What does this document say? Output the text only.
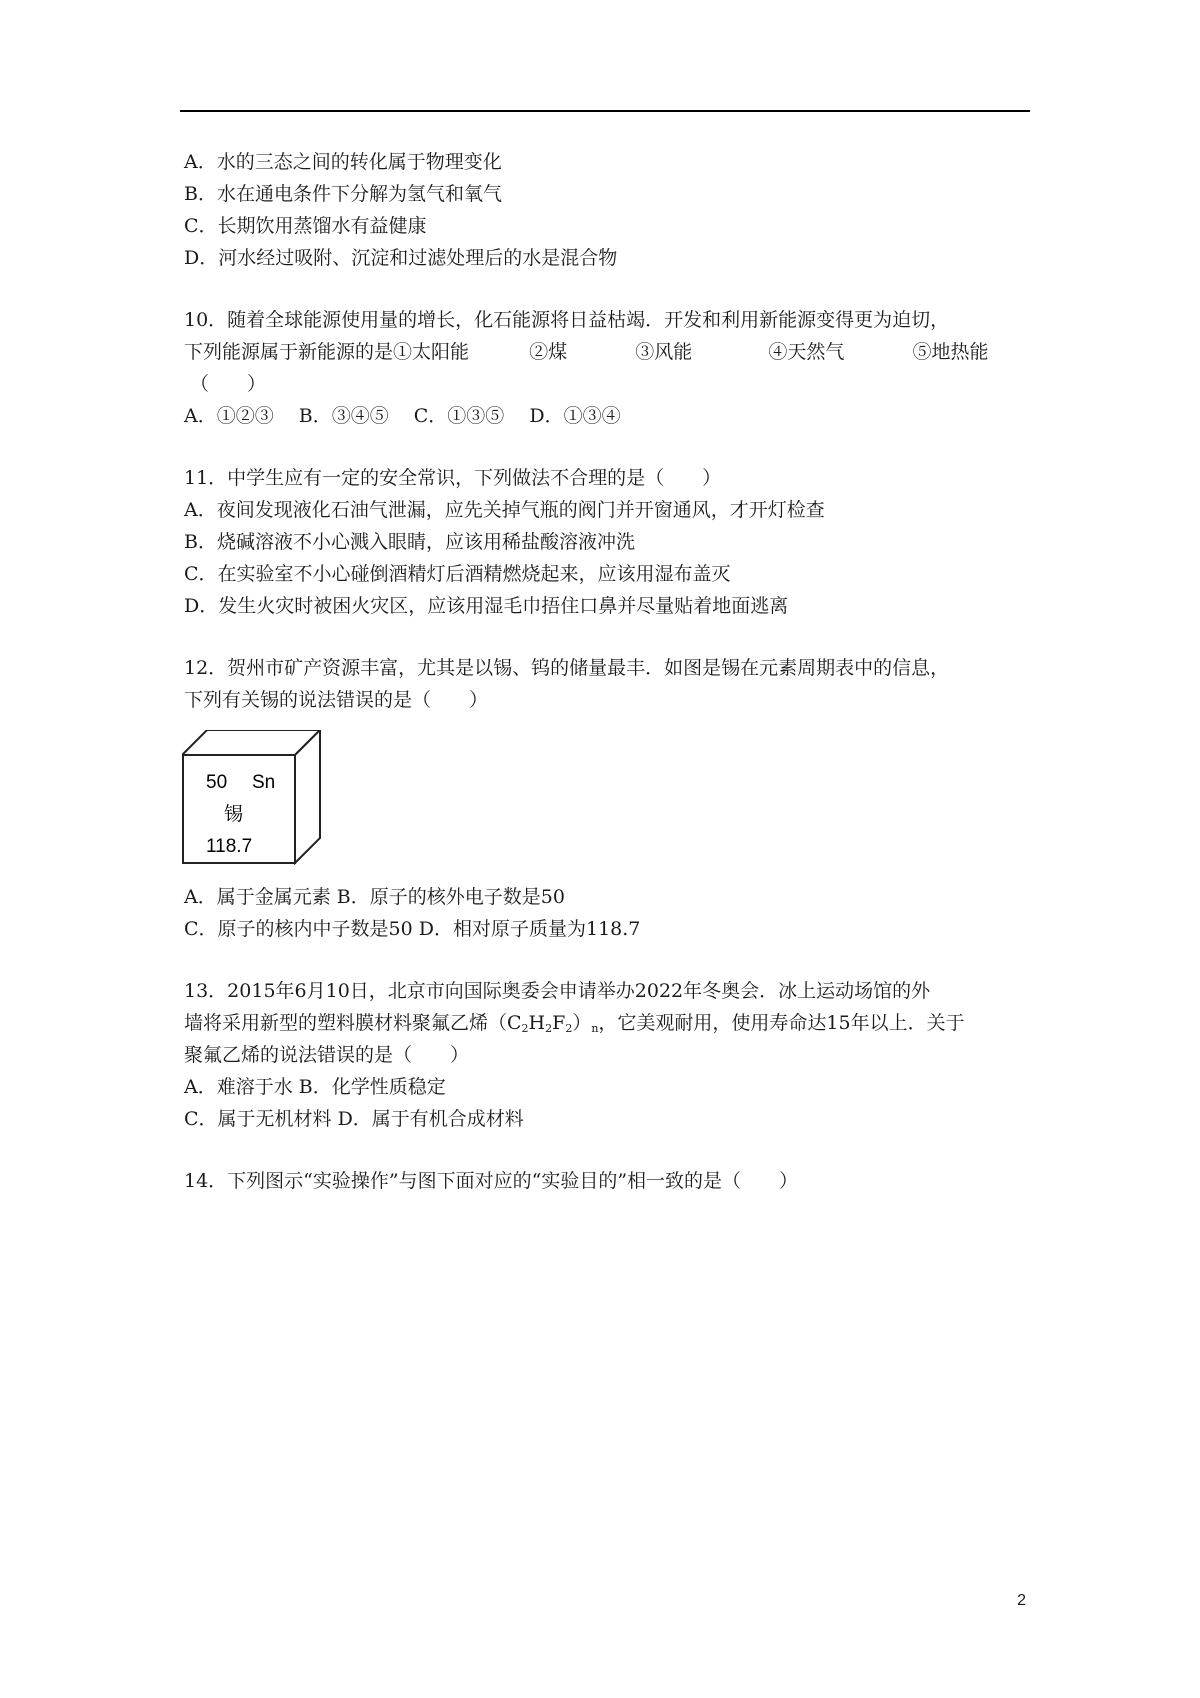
A．水的三态之间的转化属于物理变化
B．水在通电条件下分解为氢气和氧气
C．长期饮用蒸馏水有益健康
D．河水经过吸附、沉淀和过滤处理后的水是混合物
10．随着全球能源使用量的增长，化石能源将日益枯竭．开发和利用新能源变得更为迫切，
下列能源属于新能源的是①太阳能	②煤	③风能	④天然气	⑤地热能
（　　）
A．①②③　 B．③④⑤　 C．①③⑤　 D．①③④
11．中学生应有一定的安全常识，下列做法不合理的是（　　）
A．夜间发现液化石油气泄漏，应先关掉气瓶的阀门并开窗通风，才开灯检查
B．烧碱溶液不小心溅入眼睛，应该用稀盐酸溶液冲洗
C．在实验室不小心碰倒酒精灯后酒精燃烧起来，应该用湿布盖灭
D．发生火灾时被困火灾区，应该用湿毛巾捂住口鼻并尽量贴着地面逃离
12．贺州市矿产资源丰富，尤其是以锡、钨的储量最丰．如图是锡在元素周期表中的信息，
下列有关锡的说法错误的是（　　）
50 Sn
锡
118.7
A．属于金属元素 B．原子的核外电子数是50
C．原子的核内中子数是50 D．相对原子质量为118.7
13．2015年6月10日，北京市向国际奥委会申请举办2022年冬奥会．冰上运动场馆的外
墙将采用新型的塑料膜材料聚氟乙烯$(C_2H_2F_2)_n$，它美观耐用，使用寿命达15年以上．关于
聚氟乙烯的说法错误的是（　　）
A．难溶于水 B．化学性质稳定
C．属于无机材料 D．属于有机合成材料
14．下列图示“实验操作”与图下面对应的“实验目的”相一致的是（　　）
2
